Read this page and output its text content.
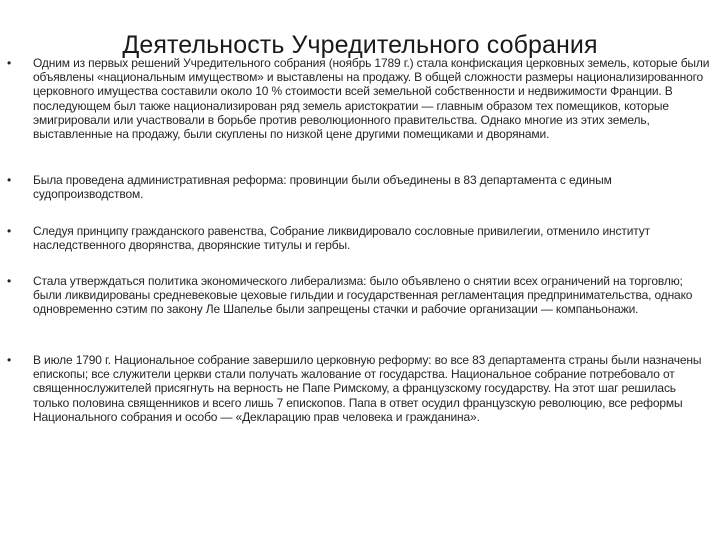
Деятельность Учредительного собрания
• Одним из первых решений Учредительного собрания (ноябрь 1789 г.) стала конфискация церковных земель, которые были объявлены «национальным имуществом» и выставлены на продажу. В общей сложности размеры национализированного церковного имущества составили около 10 % стоимости всей земельной собственности и недвижимости Франции. В последующем был также национализирован ряд земель аристократии — главным образом тех помещиков, которые эмигрировали или участвовали в борьбе против революционного правительства. Однако многие из этих земель, выставленные на продажу, были скуплены по низкой цене другими помещиками и дворянами.

• Была проведена административная реформа: провинции были объединены в 83 департамента с единым судопроизводством.

• Следуя принципу гражданского равенства, Собрание ликвидировало сословные привилегии, отменило институт наследственного дворянства, дворянские титулы и гербы.

• Стала утверждаться политика экономического либерализма: было объявлено о снятии всех ограничений на торговлю; были ликвидированы средневековые цеховые гильдии и государственная регламентация предпринимательства, однако одновременно сэтим по закону Ле Шапелье были запрещены стачки и рабочие организации — компаньонажи.

• В июле 1790 г. Национальное собрание завершило церковную реформу: во все 83 департамента страны были назначены епископы; все служители церкви стали получать жалование от государства. Национальное собрание потребовало от священнослужителей присягнуть на верность не Папе Римскому, а французскому государству. На этот шаг решилась только половина священников и всего лишь 7 епископов. Папа в ответ осудил французскую революцию, все реформы Национального собрания и особо — «Декларацию прав человека и гражданина».
